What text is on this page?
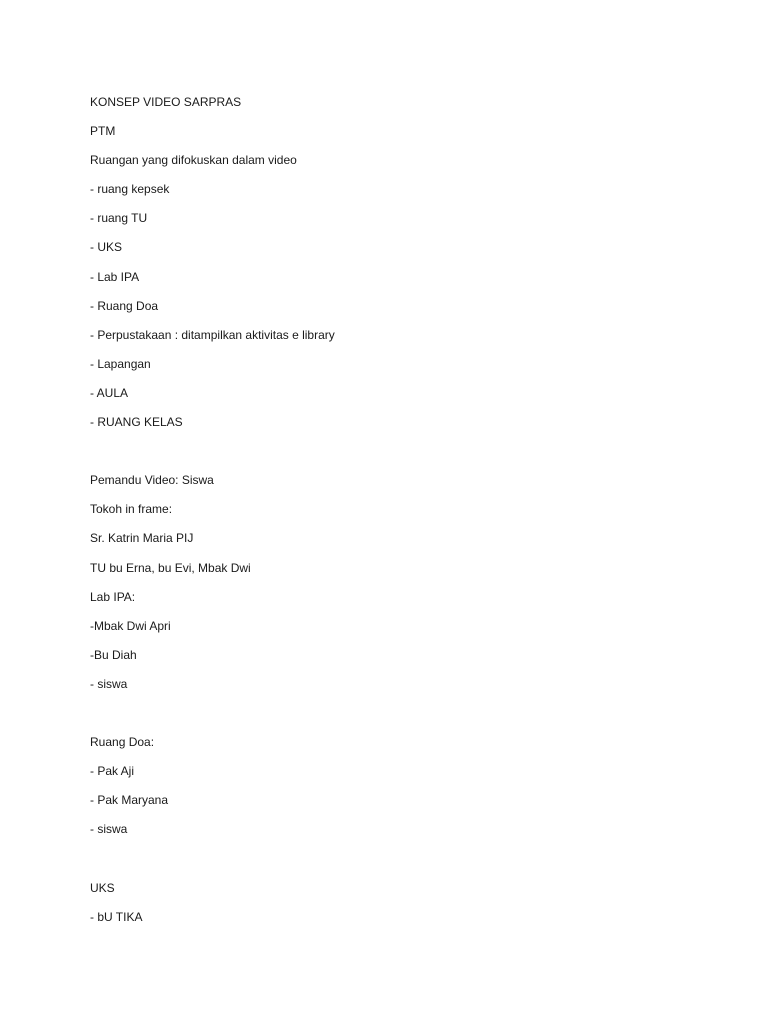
KONSEP VIDEO SARPRAS
PTM
Ruangan yang difokuskan dalam video
- ruang kepsek
- ruang TU
- UKS
- Lab IPA
- Ruang Doa
- Perpustakaan : ditampilkan aktivitas e library
- Lapangan
- AULA
- RUANG KELAS
Pemandu Video: Siswa
Tokoh in frame:
Sr. Katrin Maria PIJ
TU bu Erna, bu Evi, Mbak Dwi
Lab IPA:
-Mbak Dwi Apri
-Bu Diah
- siswa
Ruang Doa:
- Pak Aji
- Pak Maryana
- siswa
UKS
- bU TIKA
